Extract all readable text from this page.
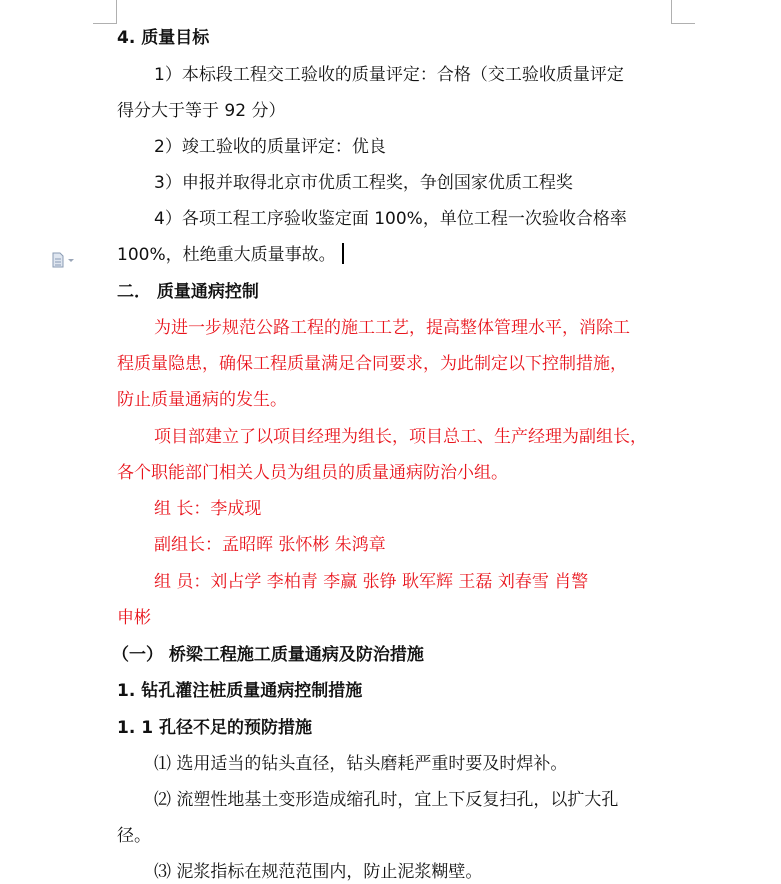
4. 质量目标
1）本标段工程交工验收的质量评定：合格（交工验收质量评定
得分大于等于 92 分）
2）竣工验收的质量评定：优良
3）申报并取得北京市优质工程奖，争创国家优质工程奖
4）各项工程工序验收鉴定面 100%，单位工程一次验收合格率
100%，杜绝重大质量事故。
二． 质量通病控制
为进一步规范公路工程的施工工艺，提高整体管理水平，消除工
程质量隐患，确保工程质量满足合同要求，为此制定以下控制措施，
防止质量通病的发生。
项目部建立了以项目经理为组长，项目总工、生产经理为副组长，
各个职能部门相关人员为组员的质量通病防治小组。
组 长：李成现
副组长：孟昭晖 张怀彬 朱鸿章
组 员：刘占学 李柏青 李赢 张铮 耿军辉 王磊 刘春雪 肖警
申彬
（一） 桥梁工程施工质量通病及防治措施
1. 钻孔灌注桩质量通病控制措施
1. 1 孔径不足的预防措施
⑴ 选用适当的钻头直径，钻头磨耗严重时要及时焊补。
⑵ 流塑性地基土变形造成缩孔时，宜上下反复扫孔，以扩大孔
径。
⑶ 泥浆指标在规范范围内，防止泥浆糊壁。
